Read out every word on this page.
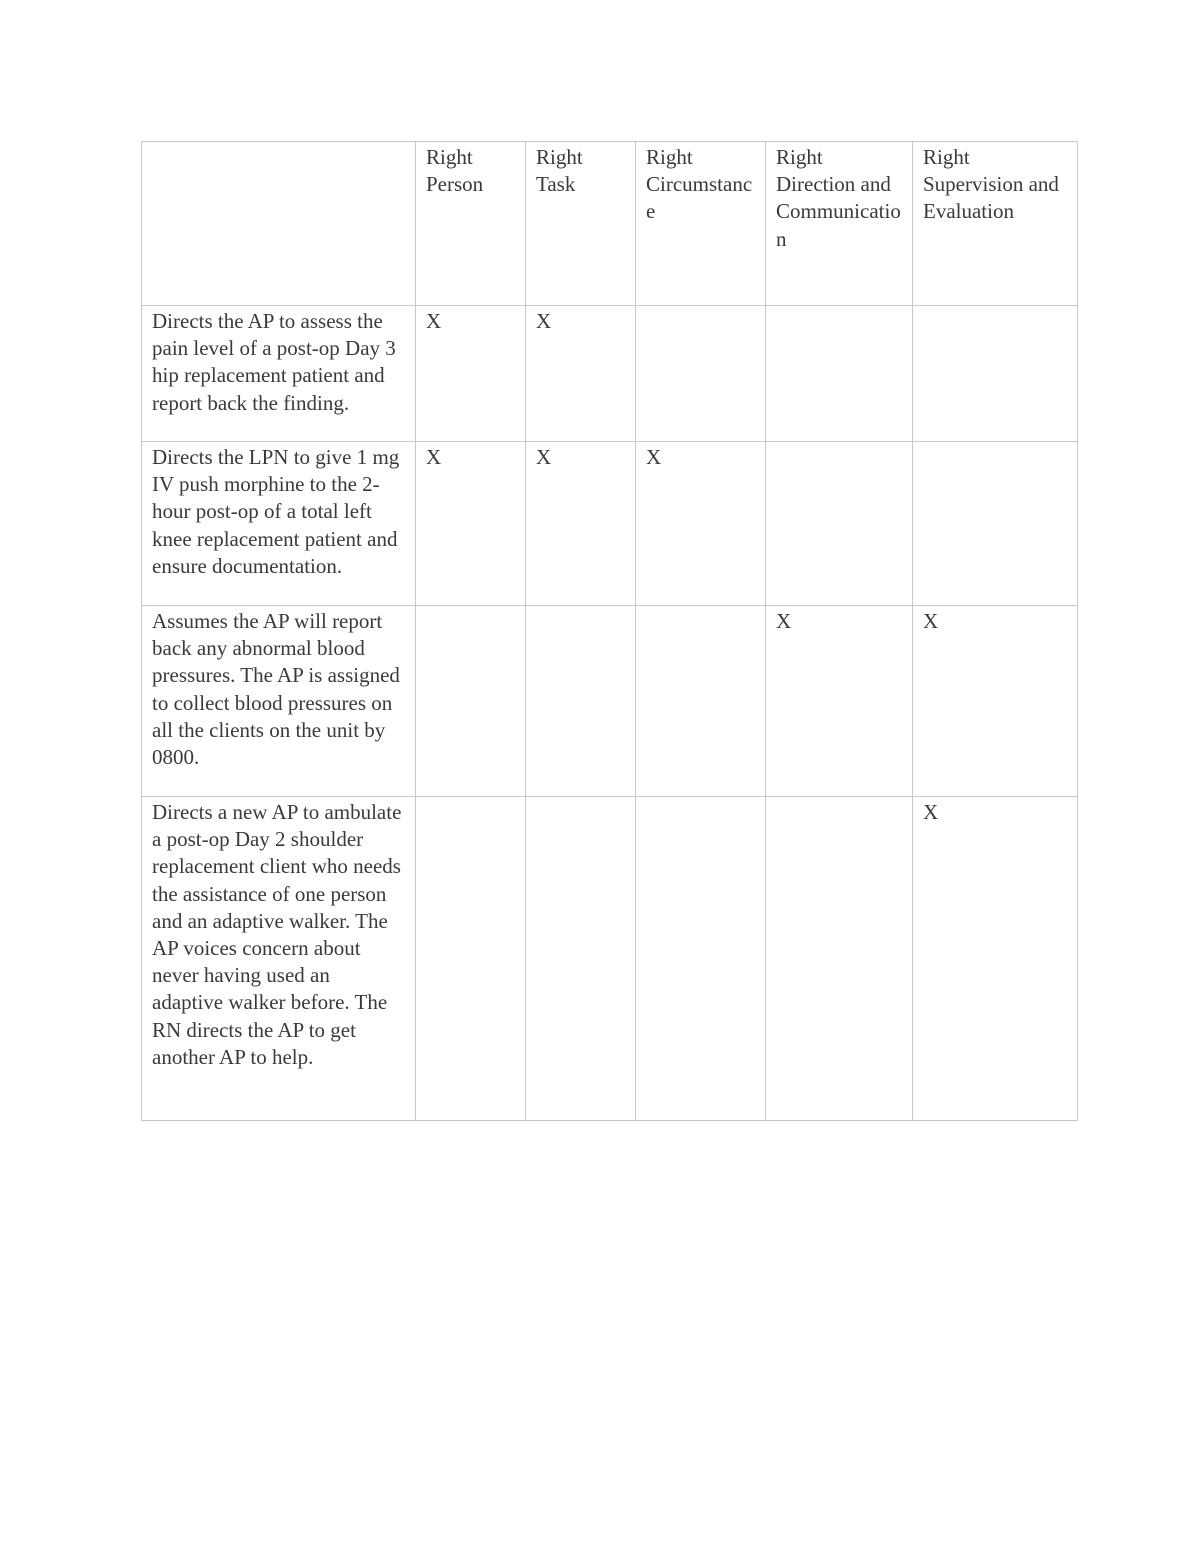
	Right Person	Right Task	Right Circumstance	Right Direction and Communication	Right Supervision and Evaluation
Directs the AP to assess the pain level of a post-op Day 3 hip replacement patient and report back the finding.	X	X			
Directs the LPN to give 1 mg IV push morphine to the 2-hour post-op of a total left knee replacement patient and ensure documentation.	X	X	X		
Assumes the AP will report back any abnormal blood pressures. The AP is assigned to collect blood pressures on all the clients on the unit by 0800.				X	X
Directs a new AP to ambulate a post-op Day 2 shoulder replacement client who needs the assistance of one person and an adaptive walker. The AP voices concern about never having used an adaptive walker before. The RN directs the AP to get another AP to help.					X
